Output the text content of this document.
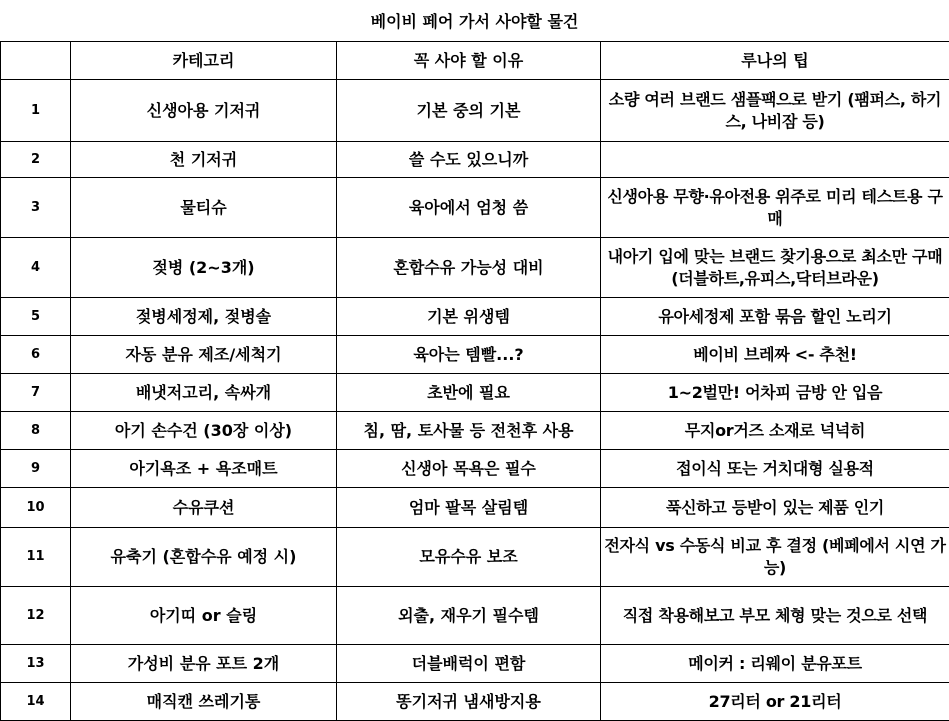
베이비 페어 가서 사야할 물건
	카테고리	꼭 사야 할 이유	루나의 팁
1	신생아용 기저귀	기본 중의 기본	소량 여러 브랜드 샘플팩으로 받기 (팸퍼스, 하기스, 나비잠 등)
2	천 기저귀	쓸 수도 있으니까	
3	물티슈	육아에서 엄청 씀	신생아용 무향·유아전용 위주로 미리 테스트용 구매
4	젖병 (2~3개)	혼합수유 가능성 대비	내아기 입에 맞는 브랜드 찾기용으로 최소만 구매(더블하트,유피스,닥터브라운)
5	젖병세정제, 젖병솔	기본 위생템	유아세정제 포함 묶음 할인 노리기
6	자동 분유 제조/세척기	육아는 템빨...?	베이비 브레짜 <- 추천!
7	배냇저고리, 속싸개	초반에 필요	1~2벌만! 어차피 금방 안 입음
8	아기 손수건 (30장 이상)	침, 땀, 토사물 등 전천후 사용	무지or거즈 소재로 넉넉히
9	아기욕조 + 욕조매트	신생아 목욕은 필수	접이식 또는 거치대형 실용적
10	수유쿠션	엄마 팔목 살림템	푹신하고 등받이 있는 제품 인기
11	유축기 (혼합수유 예정 시)	모유수유 보조	전자식 vs 수동식 비교 후 결정 (베페에서 시연 가능)
12	아기띠 or 슬링	외출, 재우기 필수템	직접 착용해보고 부모 체형 맞는 것으로 선택
13	가성비 분유 포트 2개	더블배럭이 편함	메이커 : 리웨이 분유포트
14	매직캔 쓰레기통	똥기저귀 냄새방지용	27리터 or 21리터
